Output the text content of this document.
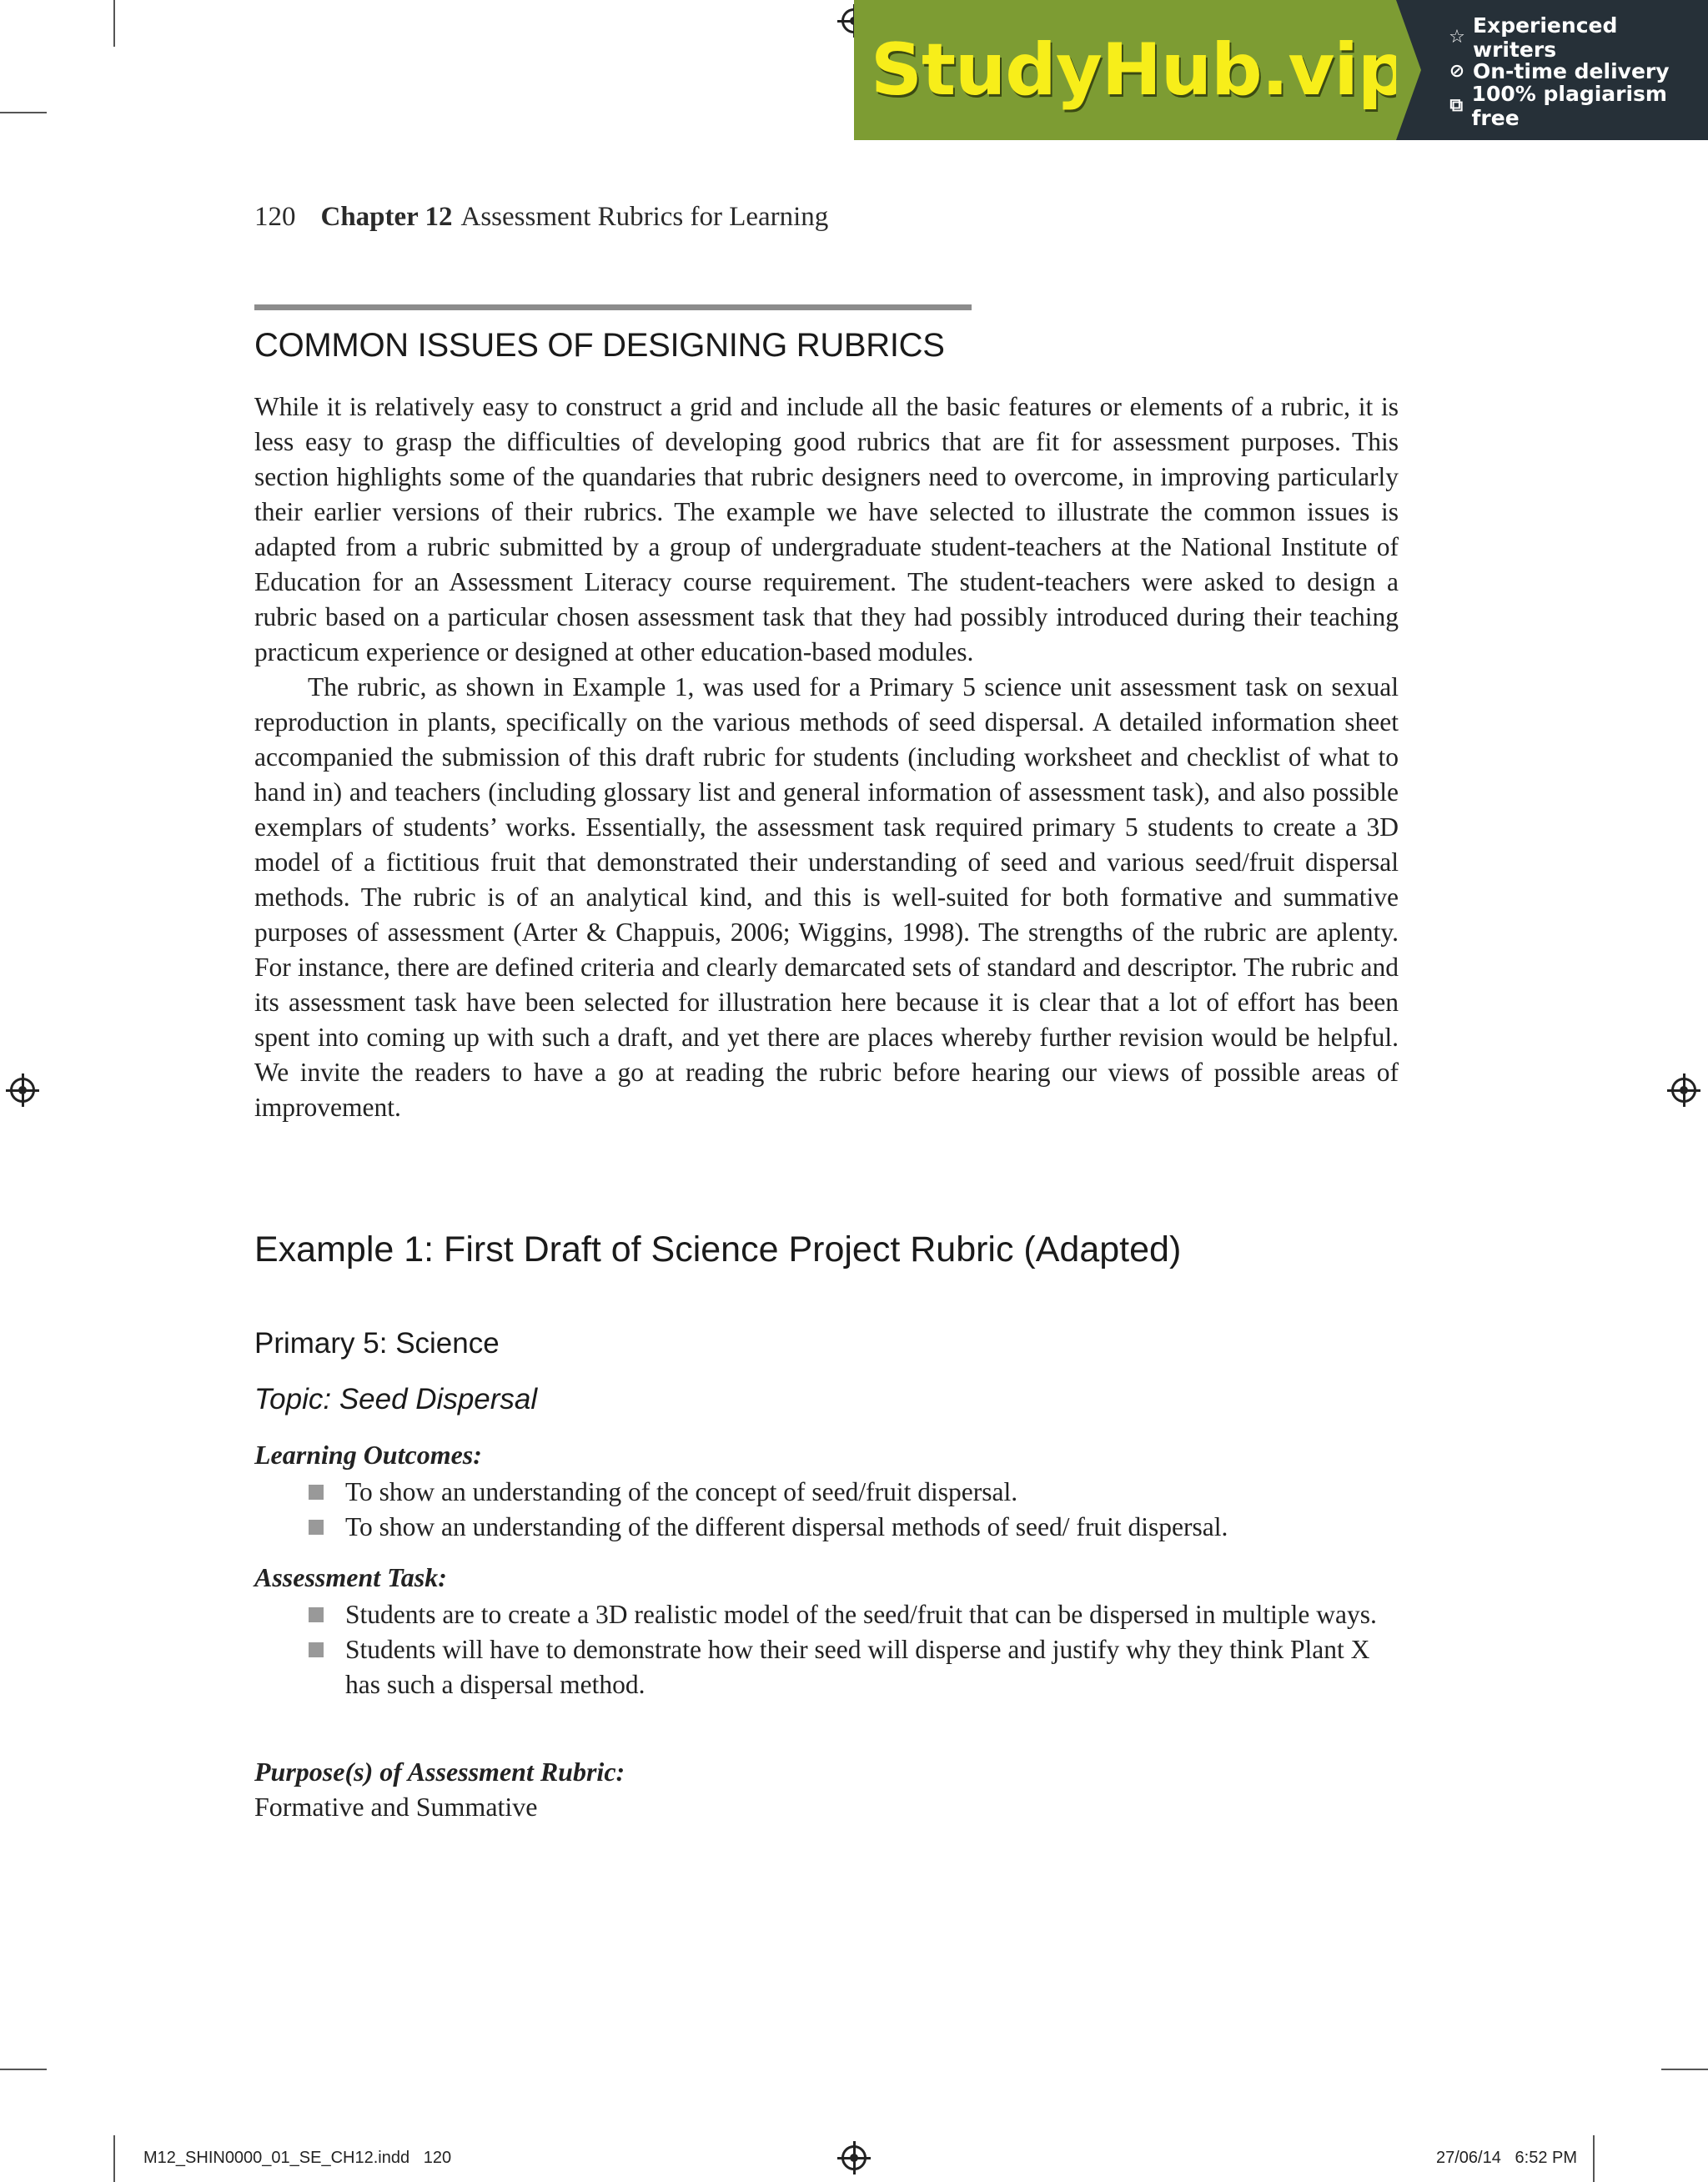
StudyHub.vip ☆ Experienced writers
⊘ On-time delivery
⧉ 100% plagiarism free
120 Chapter 12 Assessment Rubrics for Learning
COMMON ISSUES OF DESIGNING RUBRICS

While it is relatively easy to construct a grid and include all the basic features or elements of a rubric, it is less easy to grasp the difficulties of developing good rubrics that are fit for assessment purposes. This section highlights some of the quandaries that rubric designers need to overcome, in improving particularly their earlier versions of their rubrics. The example we have selected to illustrate the common issues is adapted from a rubric submitted by a group of undergraduate student-teachers at the National Institute of Education for an Assessment Literacy course requirement. The student-teachers were asked to design a rubric based on a particular chosen assessment task that they had possibly introduced during their teaching practicum experience or designed at other education-based modules.

The rubric, as shown in Example 1, was used for a Primary 5 science unit assessment task on sexual reproduction in plants, specifically on the various methods of seed dispersal. A detailed information sheet accompanied the submission of this draft rubric for students (including worksheet and checklist of what to hand in) and teachers (including glossary list and general information of assessment task), and also possible exemplars of students’ works. Essentially, the assessment task required primary 5 students to create a 3D model of a fictitious fruit that demonstrated their understanding of seed and various seed/fruit dispersal methods. The rubric is of an analytical kind, and this is well-suited for both formative and summative purposes of assessment (Arter & Chappuis, 2006; Wiggins, 1998). The strengths of the rubric are aplenty. For instance, there are defined criteria and clearly demarcated sets of standard and descriptor. The rubric and its assessment task have been selected for illustration here because it is clear that a lot of effort has been spent into coming up with such a draft, and yet there are places whereby further revision would be helpful. We invite the readers to have a go at reading the rubric before hearing our views of possible areas of improvement.

Example 1: First Draft of Science Project Rubric (Adapted)
Primary 5: Science
Topic: Seed Dispersal
Learning Outcomes:
To show an understanding of the concept of seed/fruit dispersal.
To show an understanding of the different dispersal methods of seed/ fruit dispersal.
Assessment Task:
Students are to create a 3D realistic model of the seed/fruit that can be dispersed in multiple ways.
Students will have to demonstrate how their seed will disperse and justify why they think Plant X has such a dispersal method.
Purpose(s) of Assessment Rubric:
Formative and Summative
M12_SHIN0000_01_SE_CH12.indd   120	27/06/14   6:52 PM
